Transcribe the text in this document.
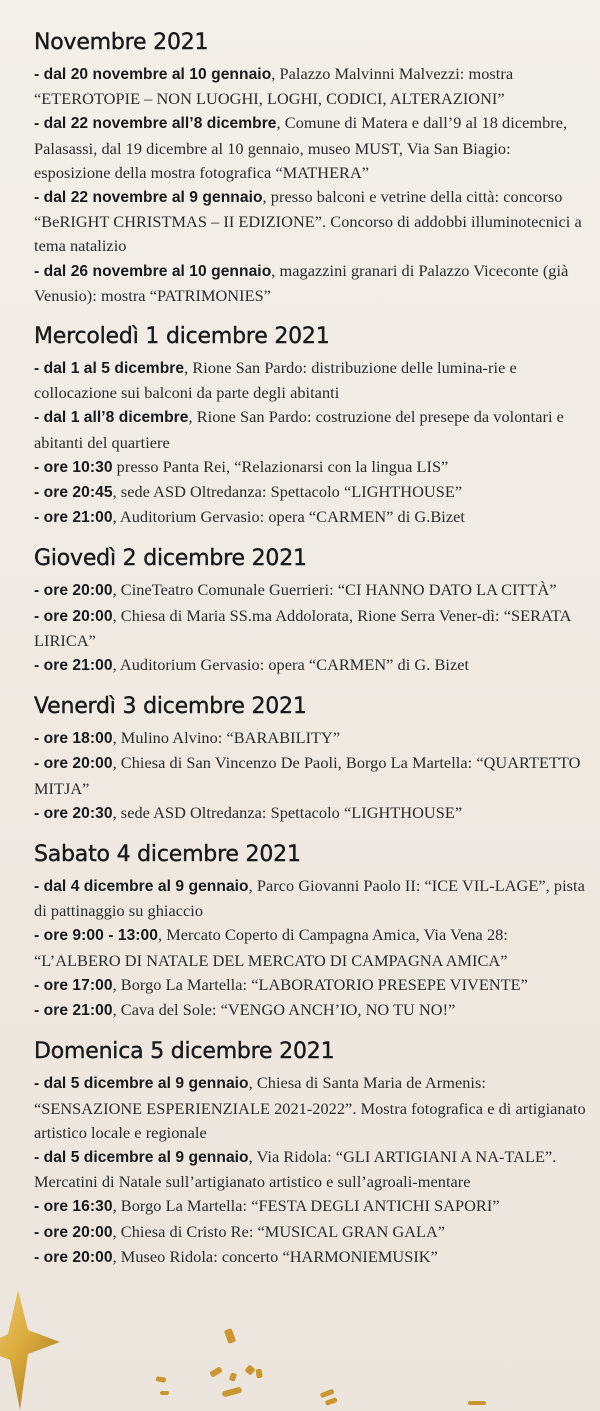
Novembre 2021

- dal 20 novembre al 10 gennaio, Palazzo Malvinni Malvezzi: mostra “ETEROTOPIE – NON LUOGHI, LOGHI, CODICI, ALTERAZIONI”

- dal 22 novembre all’8 dicembre, Comune di Matera e dall’9 al 18 dicembre, Palasassi, dal 19 dicembre al 10 gennaio, museo MUST, Via San Biagio: esposizione della mostra fotografica “MATHERA”

- dal 22 novembre al 9 gennaio, presso balconi e vetrine della città: concorso “BeRIGHT CHRISTMAS – II EDIZIONE”. Concorso di addobbi illuminotecnici a tema natalizio

- dal 26 novembre al 10 gennaio, magazzini granari di Palazzo Viceconte (già Venusio): mostra “PATRIMONIES”

Mercoledì 1 dicembre 2021

- dal 1 al 5 dicembre, Rione San Pardo: distribuzione delle lumina-rie e collocazione sui balconi da parte degli abitanti

- dal 1 all’8 dicembre, Rione San Pardo: costruzione del presepe da volontari e abitanti del quartiere

- ore 10:30 presso Panta Rei, “Relazionarsi con la lingua LIS”

- ore 20:45, sede ASD Oltredanza: Spettacolo “LIGHTHOUSE”

- ore 21:00, Auditorium Gervasio: opera “CARMEN” di G.Bizet

Giovedì 2 dicembre 2021

- ore 20:00, CineTeatro Comunale Guerrieri: “CI HANNO DATO LA CITTÀ”

- ore 20:00, Chiesa di Maria SS.ma Addolorata, Rione Serra Vener-dì: “SERATA LIRICA”

- ore 21:00, Auditorium Gervasio: opera “CARMEN” di G. Bizet

Venerdì 3 dicembre 2021

- ore 18:00, Mulino Alvino: “BARABILITY”

- ore 20:00, Chiesa di San Vincenzo De Paoli, Borgo La Martella: “QUARTETTO MITJA”

- ore 20:30, sede ASD Oltredanza: Spettacolo “LIGHTHOUSE”

Sabato 4 dicembre 2021

- dal 4 dicembre al 9 gennaio, Parco Giovanni Paolo II: “ICE VIL-LAGE”, pista di pattinaggio su ghiaccio

- ore 9:00 - 13:00, Mercato Coperto di Campagna Amica, Via Vena 28: “L’ALBERO DI NATALE DEL MERCATO DI CAMPAGNA AMICA”

- ore 17:00, Borgo La Martella: “LABORATORIO PRESEPE VIVENTE”

- ore 21:00, Cava del Sole: “VENGO ANCH’IO, NO TU NO!”

Domenica 5 dicembre 2021

- dal 5 dicembre al 9 gennaio, Chiesa di Santa Maria de Armenis: “SENSAZIONE ESPERIENZIALE 2021-2022”. Mostra fotografica e di artigianato artistico locale e regionale

- dal 5 dicembre al 9 gennaio, Via Ridola: “GLI ARTIGIANI A NA-TALE”. Mercatini di Natale sull’artigianato artistico e sull’agroali-mentare

- ore 16:30, Borgo La Martella: “FESTA DEGLI ANTICHI SAPORI”

- ore 20:00, Chiesa di Cristo Re: “MUSICAL GRAN GALA”

- ore 20:00, Museo Ridola: concerto “HARMONIEMUSIK”
